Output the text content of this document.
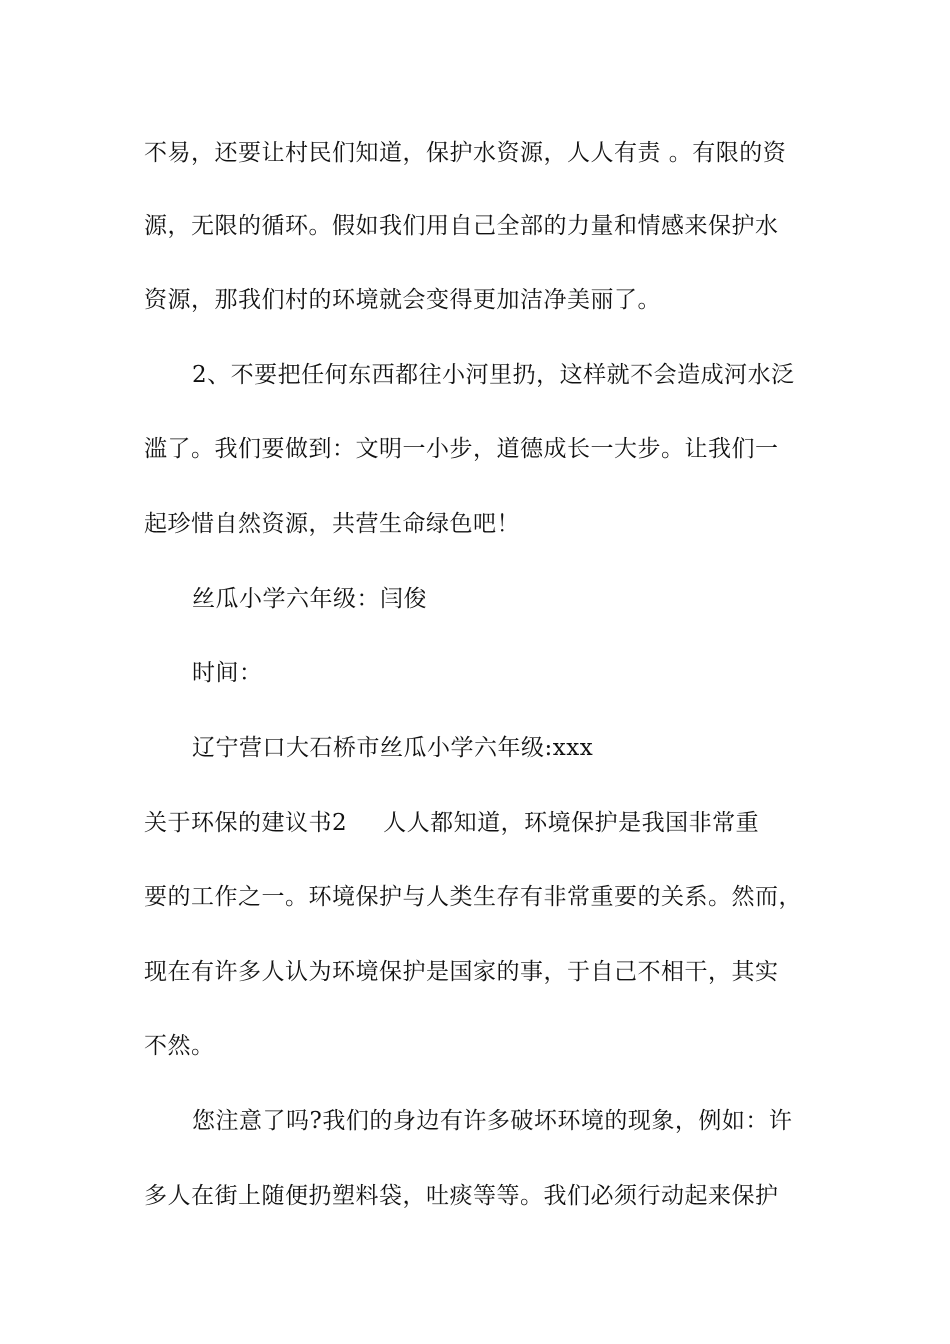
不易，还要让村民们知道，保护水资源，人人有责 。有限的资
源，无限的循环。假如我们用自己全部的力量和情感来保护水
资源，那我们村的环境就会变得更加洁净美丽了。
2、不要把任何东西都往小河里扔，这样就不会造成河水泛
滥了。我们要做到：文明一小步，道德成长一大步。让我们一
起珍惜自然资源，共营生命绿色吧！
丝瓜小学六年级：闫俊
时间：
辽宁营口大石桥市丝瓜小学六年级:xxx
关于环保的建议书2 人人都知道，环境保护是我国非常重
要的工作之一。环境保护与人类生存有非常重要的关系。然而，
现在有许多人认为环境保护是国家的事，于自己不相干，其实
不然。
您注意了吗?我们的身边有许多破坏环境的现象，例如：许
多人在街上随便扔塑料袋，吐痰等等。我们必须行动起来保护
